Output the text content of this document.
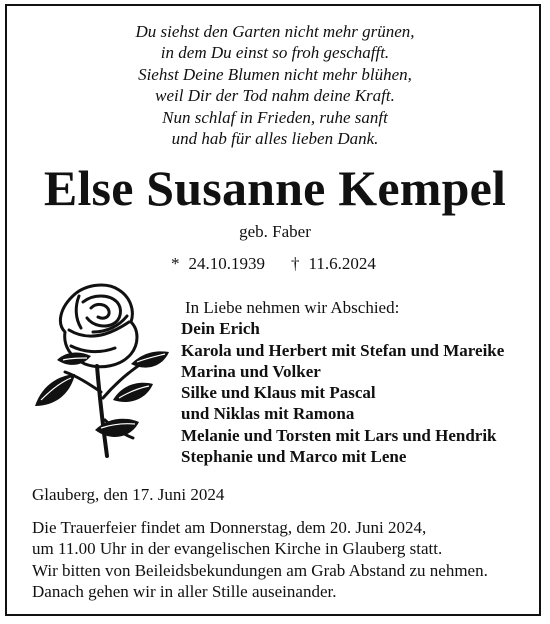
Du siehst den Garten nicht mehr grünen,
in dem Du einst so froh geschafft.
Siehst Deine Blumen nicht mehr blühen,
weil Dir der Tod nahm deine Kraft.
Nun schlaf in Frieden, ruhe sanft
und hab für alles lieben Dank.
Else Susanne Kempel
geb. Faber
* 24.10.1939 † 11.6.2024
In Liebe nehmen wir Abschied:
Dein Erich
Karola und Herbert mit Stefan und Mareike
Marina und Volker
Silke und Klaus mit Pascal
und Niklas mit Ramona
Melanie und Torsten mit Lars und Hendrik
Stephanie und Marco mit Lene
Glauberg, den 17. Juni 2024
Die Trauerfeier findet am Donnerstag, dem 20. Juni 2024,
um 11.00 Uhr in der evangelischen Kirche in Glauberg statt.
Wir bitten von Beileidsbekundungen am Grab Abstand zu nehmen.
Danach gehen wir in aller Stille auseinander.
